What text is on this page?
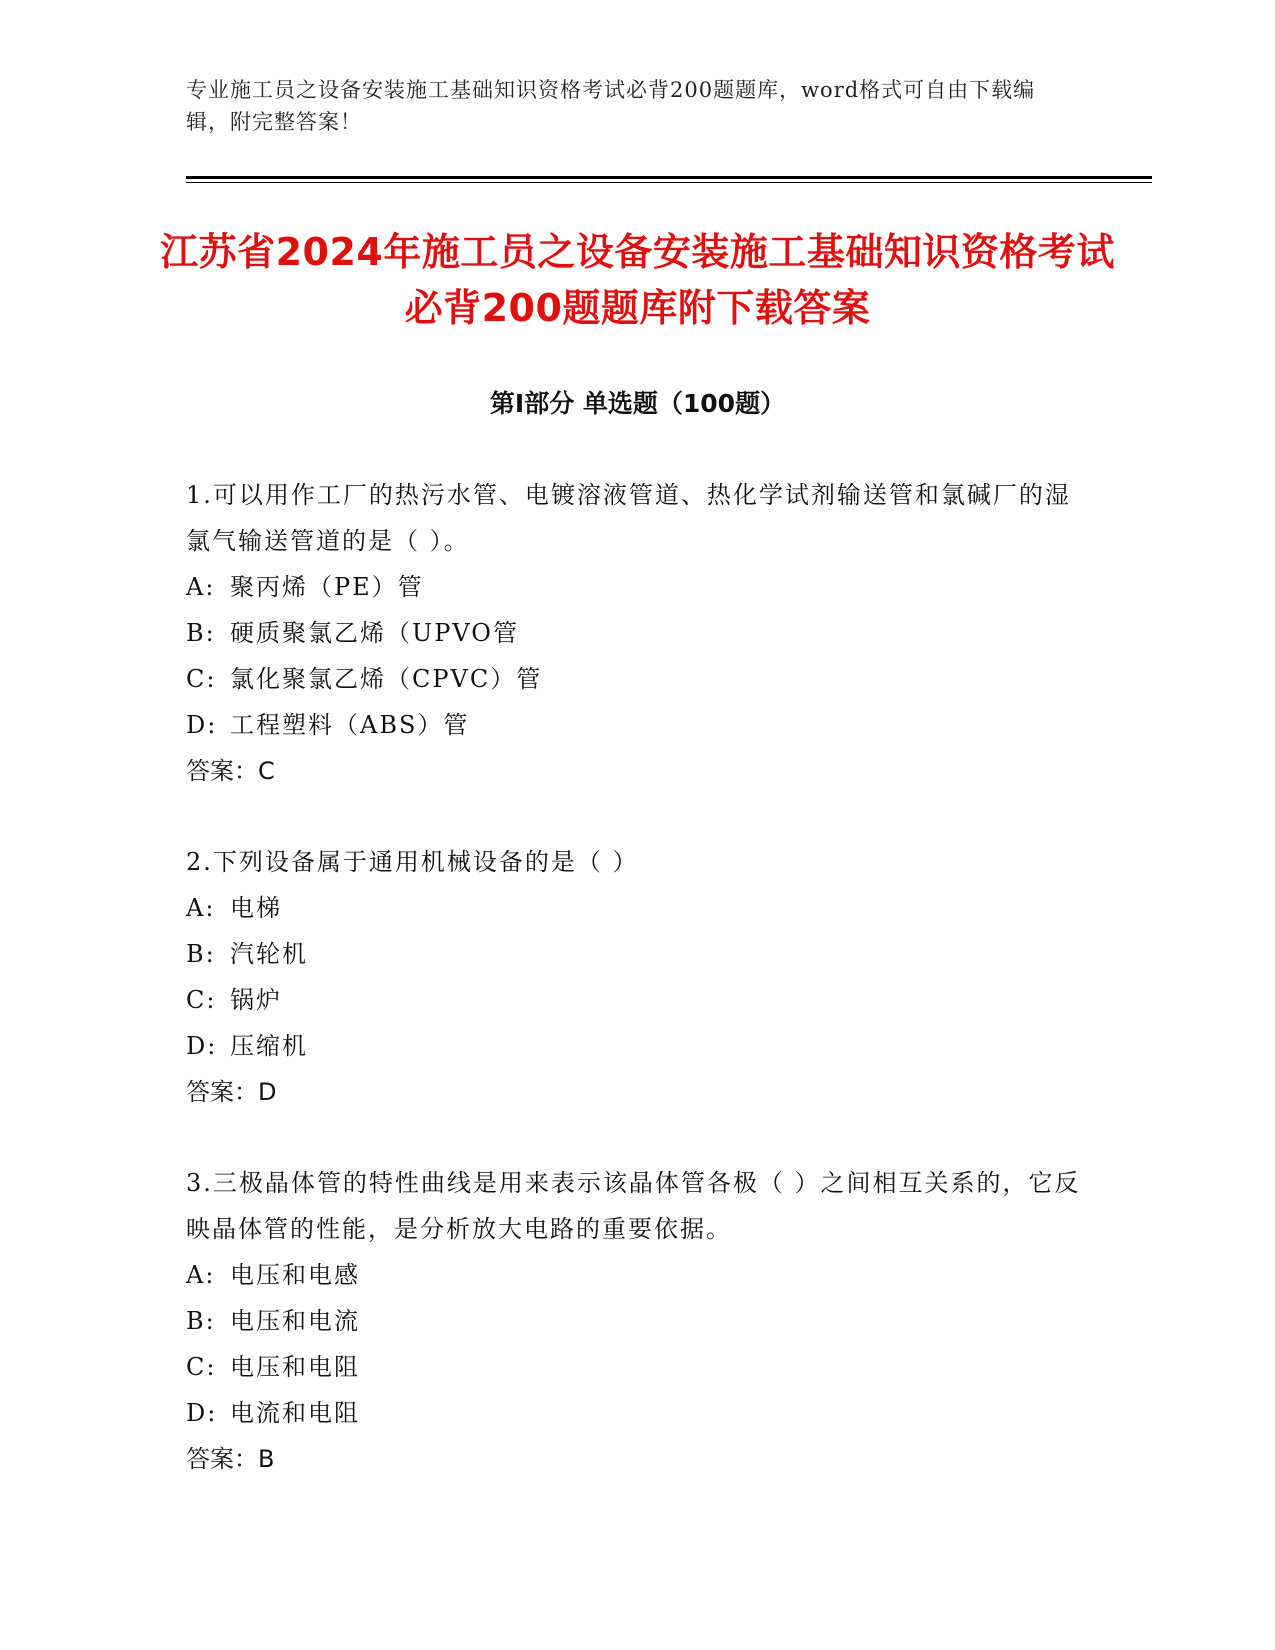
专业施工员之设备安装施工基础知识资格考试必背200题题库，word格式可自由下载编辑，附完整答案！
江苏省2024年施工员之设备安装施工基础知识资格考试必背200题题库附下载答案
第Ⅰ部分 单选题（100题）
1.可以用作工厂的热污水管、电镀溶液管道、热化学试剂输送管和氯碱厂的湿氯气输送管道的是（ ）。
A: 聚丙烯（PE）管
B: 硬质聚氯乙烯（UPVO管
C: 氯化聚氯乙烯（CPVC）管
D: 工程塑料（ABS）管
答案：C
2.下列设备属于通用机械设备的是（ ）
A: 电梯
B: 汽轮机
C: 锅炉
D: 压缩机
答案：D
3.三极晶体管的特性曲线是用来表示该晶体管各极（ ）之间相互关系的，它反映晶体管的性能，是分析放大电路的重要依据。
A: 电压和电感
B: 电压和电流
C: 电压和电阻
D: 电流和电阻
答案：B
